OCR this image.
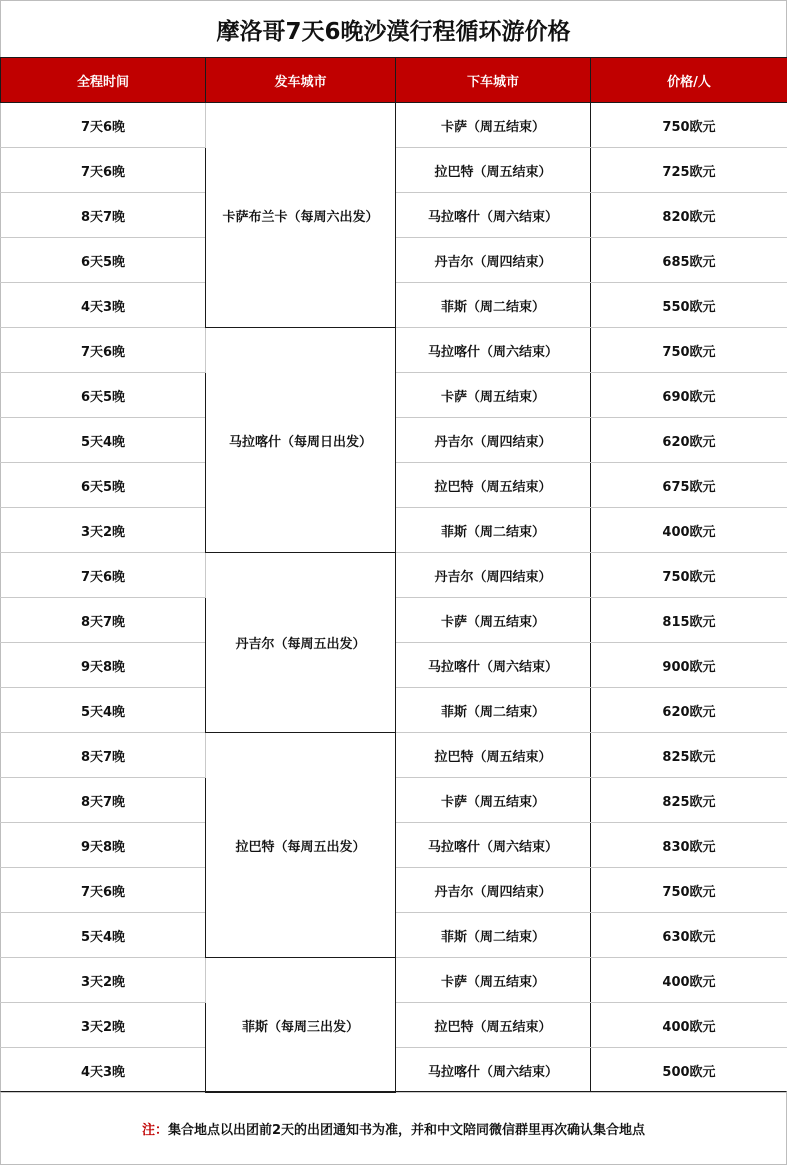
摩洛哥7天6晚沙漠行程循环游价格
全程时间	发车城市	下车城市	价格/人
7天6晚	卡萨布兰卡（每周六出发）	卡萨（周五结束）	750欧元
7天6晚		拉巴特（周五结束）	725欧元
8天7晚		马拉喀什（周六结束）	820欧元
6天5晚		丹吉尔（周四结束）	685欧元
4天3晚		菲斯（周二结束）	550欧元
7天6晚	马拉喀什（每周日出发）	马拉喀什（周六结束）	750欧元
6天5晚		卡萨（周五结束）	690欧元
5天4晚		丹吉尔（周四结束）	620欧元
6天5晚		拉巴特（周五结束）	675欧元
3天2晚		菲斯（周二结束）	400欧元
7天6晚	丹吉尔（每周五出发）	丹吉尔（周四结束）	750欧元
8天7晚		卡萨（周五结束）	815欧元
9天8晚		马拉喀什（周六结束）	900欧元
5天4晚		菲斯（周二结束）	620欧元
8天7晚	拉巴特（每周五出发）	拉巴特（周五结束）	825欧元
8天7晚		卡萨（周五结束）	825欧元
9天8晚		马拉喀什（周六结束）	830欧元
7天6晚		丹吉尔（周四结束）	750欧元
5天4晚		菲斯（周二结束）	630欧元
3天2晚	菲斯（每周三出发）	卡萨（周五结束）	400欧元
3天2晚		拉巴特（周五结束）	400欧元
4天3晚		马拉喀什（周六结束）	500欧元
注：集合地点以出团前2天的出团通知书为准，并和中文陪同微信群里再次确认集合地点
